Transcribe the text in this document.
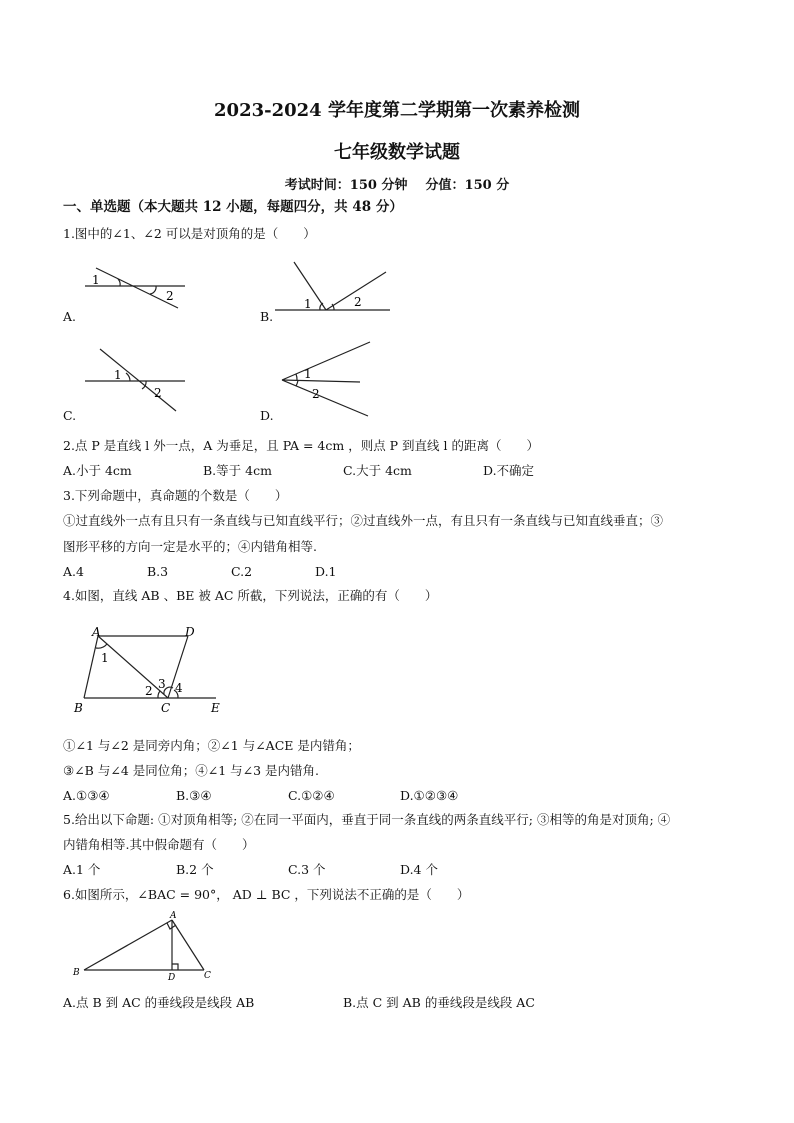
2023-2024 学年度第二学期第一次素养检测
七年级数学试题
考试时间：150 分钟    分值：150 分
一、单选题（本大题共 12 小题，每题四分，共 48 分）
1.图中的∠1、∠2 可以是对顶角的是（　　）
1
2
A.
1	2
B.
1
2
C.
1
2
D.
2.点 P 是直线 l 外一点，A 为垂足，且 PA = 4cm ，则点 P 到直线 l 的距离（　　）
A.小于 4cm	B.等于 4cm	C.大于 4cm	D.不确定
3.下列命题中，真命题的个数是（　　）
①过直线外一点有且只有一条直线与已知直线平行；②过直线外一点，有且只有一条直线与已知直线垂直；③
图形平移的方向一定是水平的；④内错角相等.
A.4	B.3	C.2	D.1
4.如图，直线 AB 、BE 被 AC 所截，下列说法，正确的有（　　）
A	D
B	C	E
1
2 3 4
①∠1 与∠2 是同旁内角；②∠1 与∠ACE 是内错角；
③∠B 与∠4 是同位角；④∠1 与∠3 是内错角.
A.①③④	B.③④	C.①②④	D.①②③④
5.给出以下命题: ①对顶角相等; ②在同一平面内，垂直于同一条直线的两条直线平行; ③相等的角是对顶角; ④
内错角相等.其中假命题有（　　）
A.1 个	B.2 个	C.3 个	D.4 个
6.如图所示，∠BAC = 90°， AD ⊥ BC ，下列说法不正确的是（　　）
A
B	C
D
A.点 B 到 AC 的垂线段是线段 AB	B.点 C 到 AB 的垂线段是线段 AC
